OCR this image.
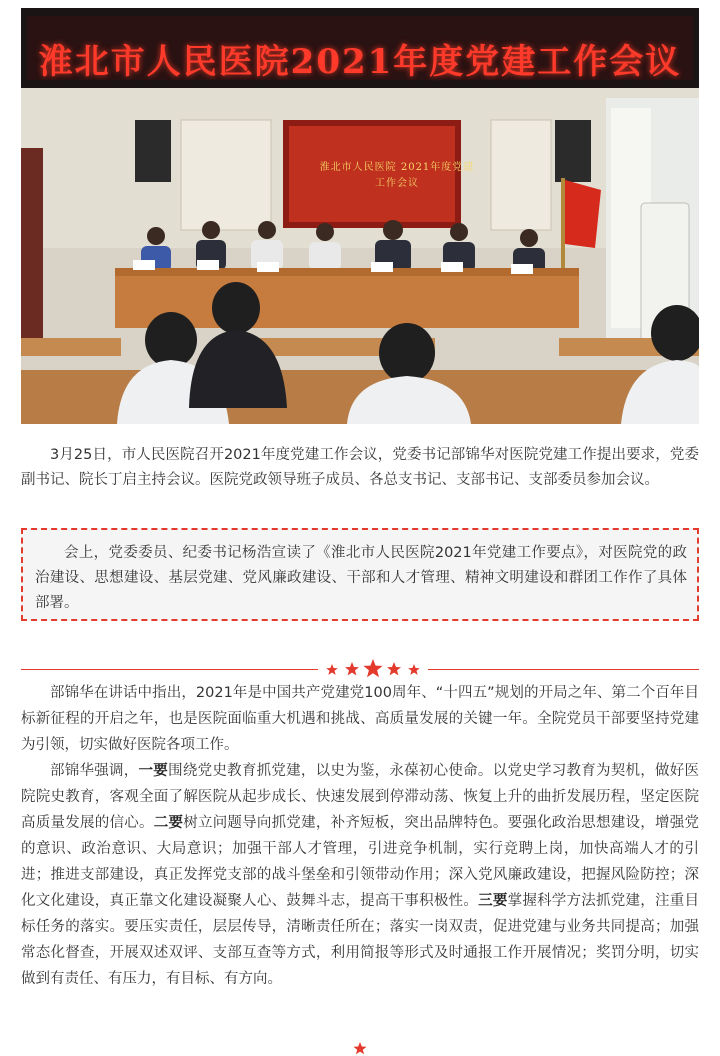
淮北市人民医院2021年度党建工作会议
淮北市人民医院 2021年度党建工作会议

3月25日，市人民医院召开2021年度党建工作会议，党委书记部锦华对医院党建工作提出要求，党委副书记、院长丁启主持会议。医院党政领导班子成员、各总支书记、支部书记、支部委员参加会议。

会上，党委委员、纪委书记杨浩宣读了《淮北市人民医院2021年党建工作要点》，对医院党的政治建设、思想建设、基层党建、党风廉政建设、干部和人才管理、精神文明建设和群团工作作了具体部署。

部锦华在讲话中指出，2021年是中国共产党建党100周年、“十四五”规划的开局之年、第二个百年目标新征程的开启之年，也是医院面临重大机遇和挑战、高质量发展的关键一年。全院党员干部要坚持党建为引领，切实做好医院各项工作。

部锦华强调，一要围绕党史教育抓党建，以史为鉴，永葆初心使命。以党史学习教育为契机，做好医院院史教育，客观全面了解医院从起步成长、快速发展到停滞动荡、恢复上升的曲折发展历程，坚定医院高质量发展的信心。二要树立问题导向抓党建，补齐短板，突出品牌特色。要强化政治思想建设，增强党的意识、政治意识、大局意识；加强干部人才管理，引进竞争机制，实行竞聘上岗，加快高端人才的引进；推进支部建设，真正发挥党支部的战斗堡垒和引领带动作用；深入党风廉政建设，把握风险防控；深化文化建设，真正靠文化建设凝聚人心、鼓舞斗志，提高干事积极性。三要掌握科学方法抓党建，注重目标任务的落实。要压实责任，层层传导，清晰责任所在；落实一岗双责，促进党建与业务共同提高；加强常态化督查，开展双述双评、支部互查等方式，利用简报等形式及时通报工作开展情况；奖罚分明，切实做到有责任、有压力，有目标、有方向。
